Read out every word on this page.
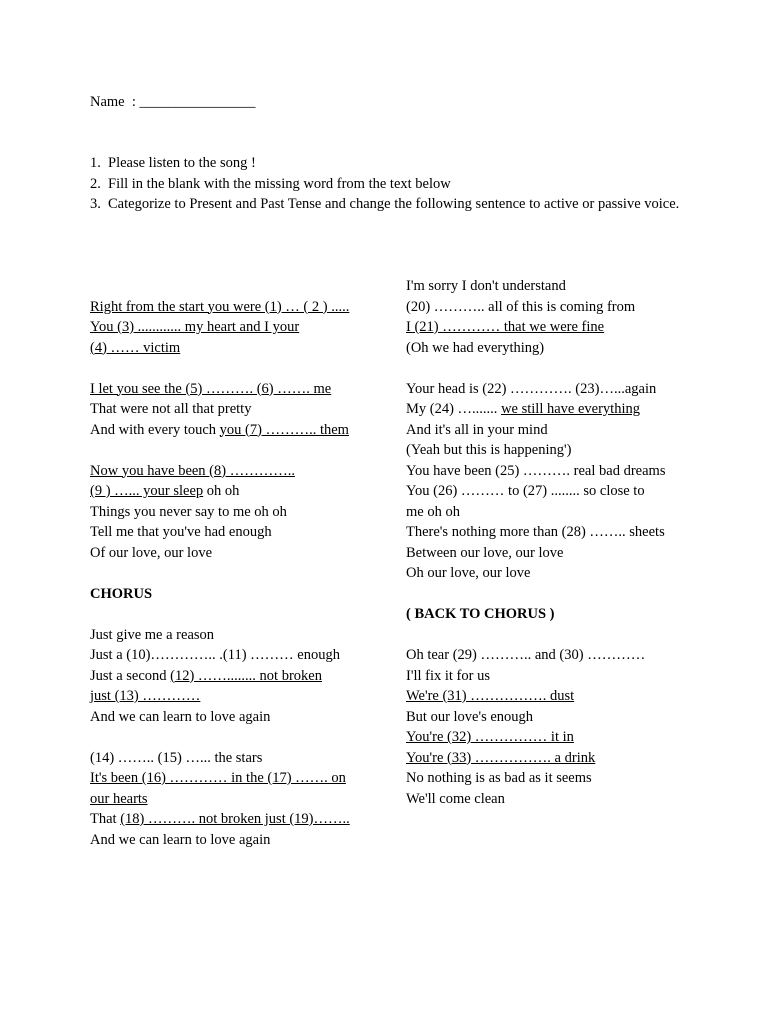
Name  : ________________
1. Please listen to the song !
2. Fill in the blank with the missing word from the text below
3. Categorize to Present and Past Tense and change the following sentence to active or passive voice.
Right from the start you were (1) … ( 2 ) .....
You (3) ............ my heart and I your
(4) …… victim
I let you see the (5) ………. (6) ……. me
That were not all that pretty
And with every touch you (7) ……….. them
Now you have been (8) …………..
(9 ) …... your sleep oh oh
Things you never say to me oh oh
Tell me that you've had enough
Of our love, our love
CHORUS
Just give me a reason
Just a (10)………….. .(11) ……… enough
Just a second (12) ……........ not broken
just (13) …………
And we can learn to love again
(14) …….. (15) …... the stars
It's been (16) ………… in the (17) ……. on
our hearts
That (18) ………. not broken just (19)……..
And we can learn to love again
I'm sorry I don't understand
(20) ……….. all of this is coming from
I (21) ………… that we were fine
(Oh we had everything)
Your head is (22) …………. (23)…...again
My (24) …....... we still have everything
And it's all in your mind
(Yeah but this is happening')
You have been (25) ………. real bad dreams
You (26) ……… to (27) ........ so close to
me oh oh
There's nothing more than (28) …….. sheets
Between our love, our love
Oh our love, our love
( BACK TO CHORUS )
Oh tear (29) ……….. and (30) …………
I'll fix it for us
We're (31) ……………. dust
But our love's enough
You're (32) …………… it in
You're (33) ……………. a drink
No nothing is as bad as it seems
We'll come clean
